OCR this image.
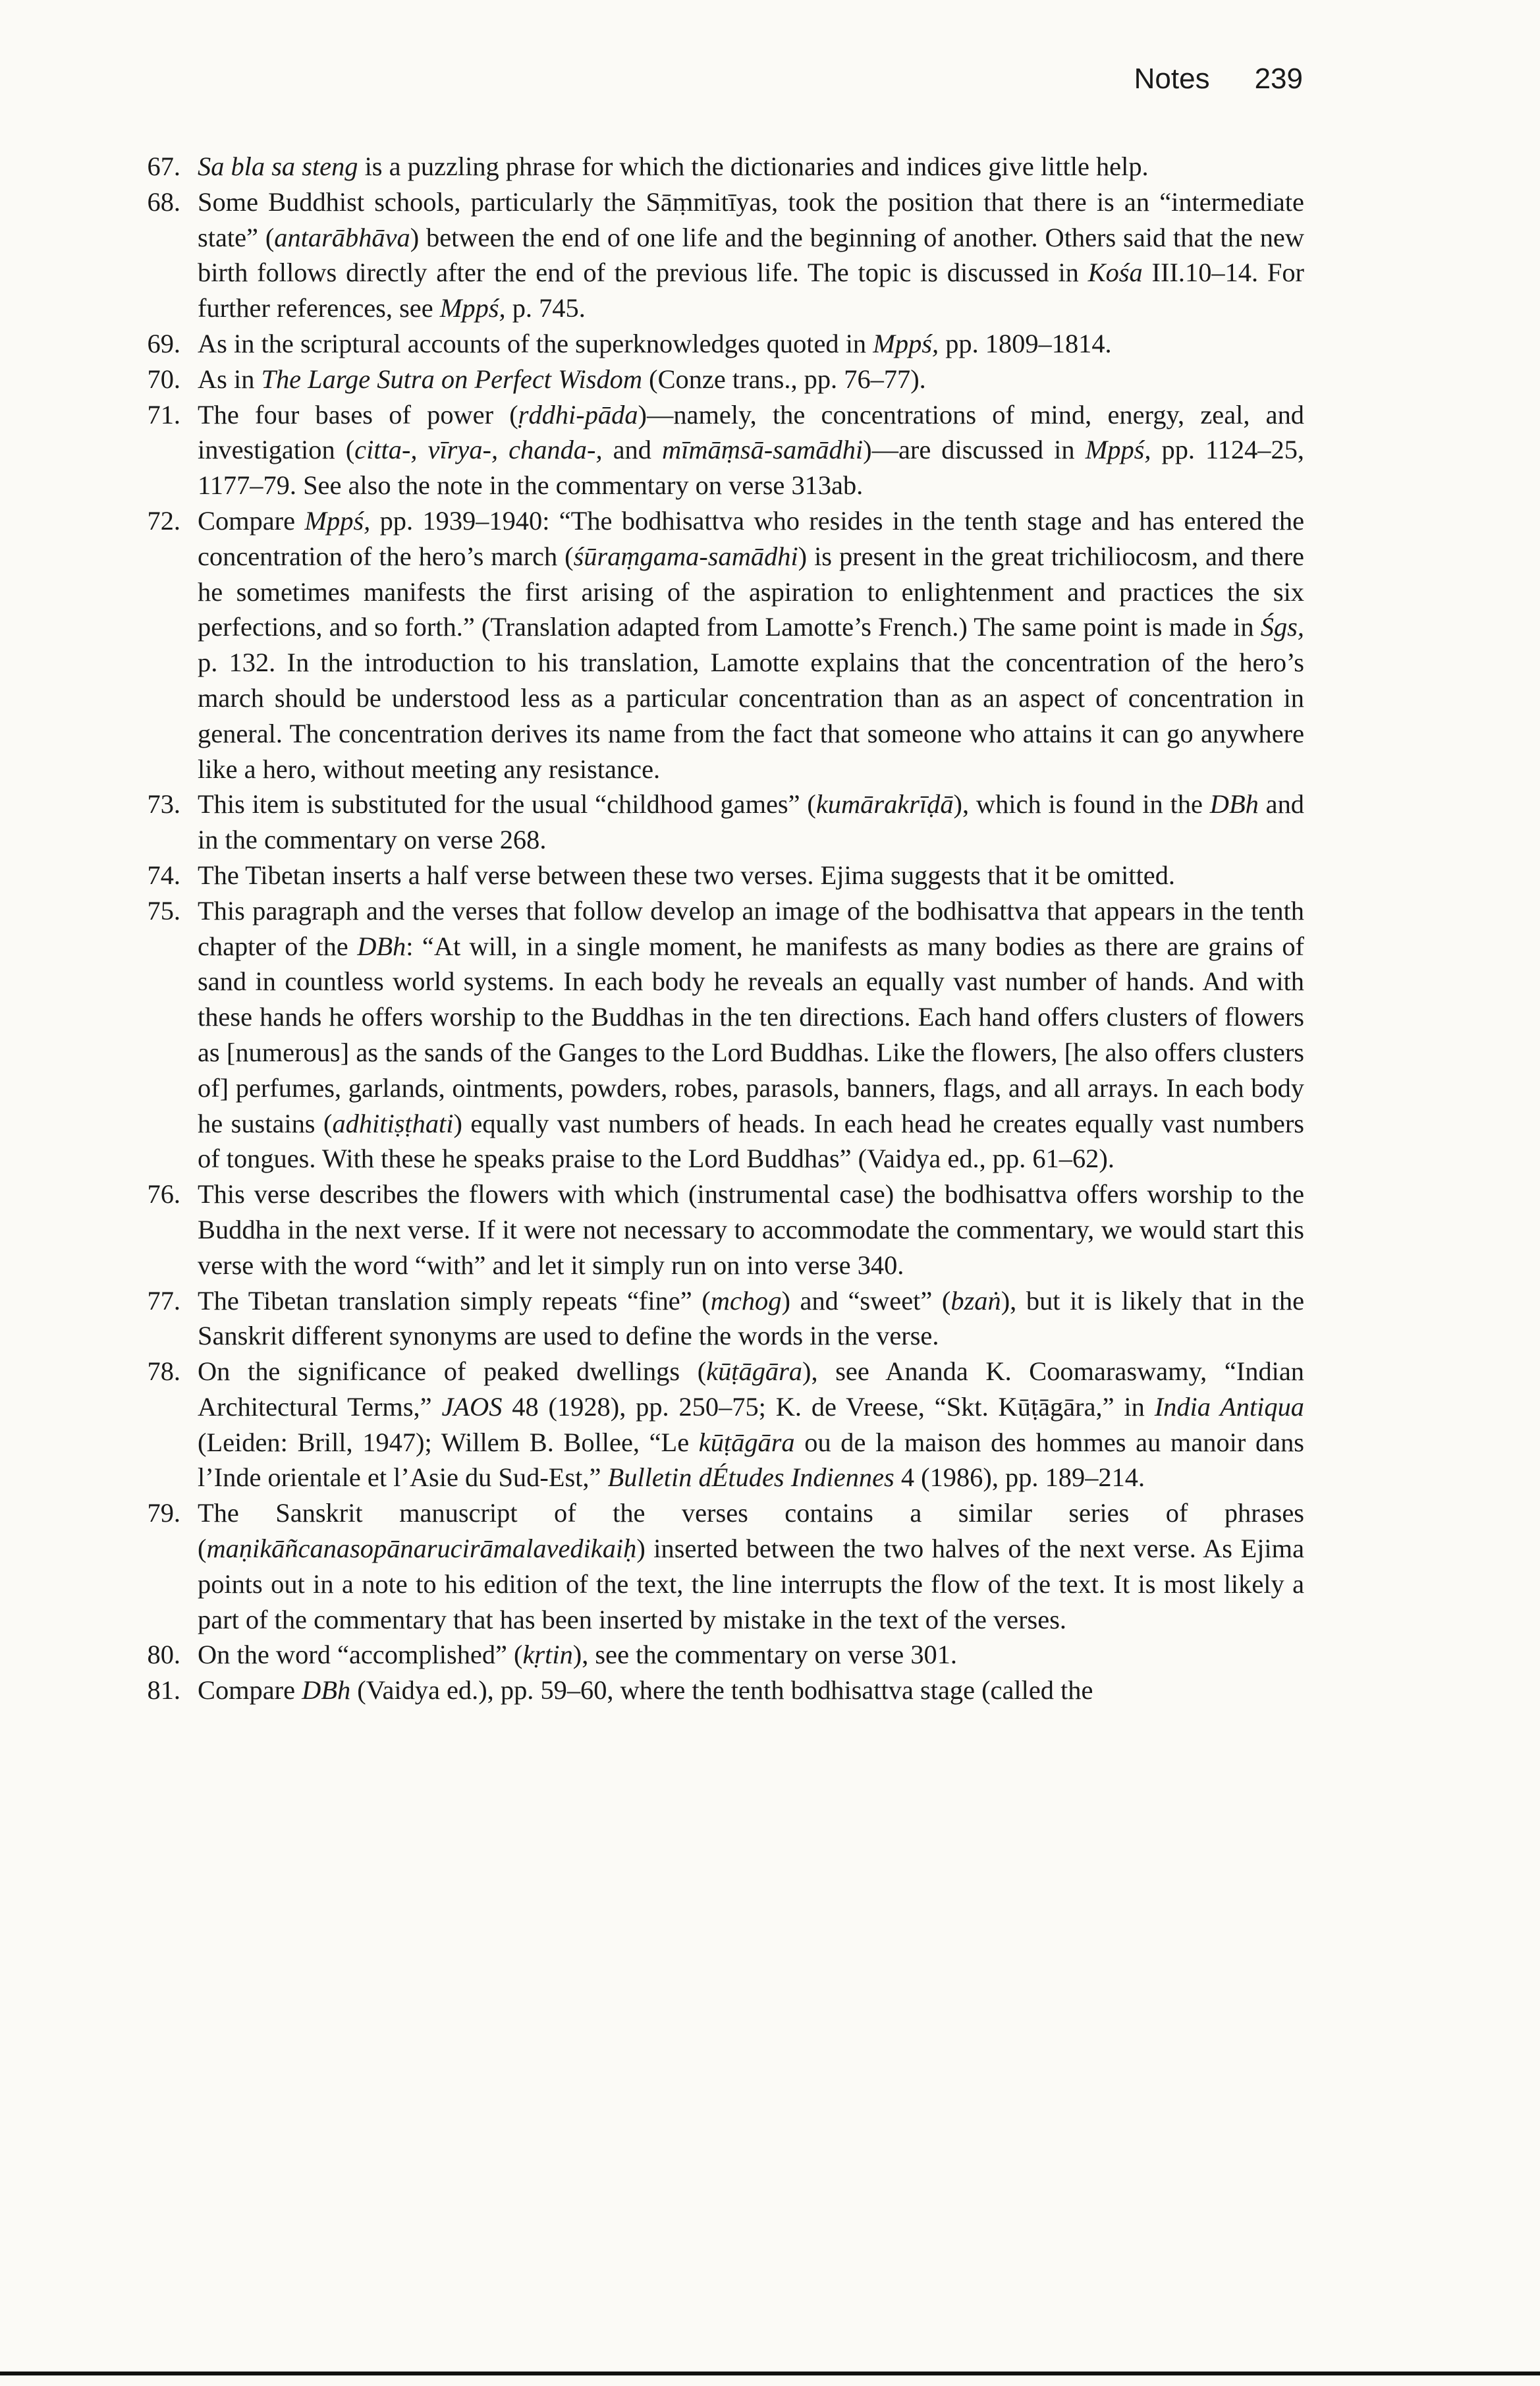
Notes 239
67. Sa bla sa steng is a puzzling phrase for which the dictionaries and indices give little help.
68. Some Buddhist schools, particularly the Sāṃmitīyas, took the position that there is an “intermediate state” (antarābhāva) between the end of one life and the beginning of another. Others said that the new birth follows directly after the end of the previous life. The topic is discussed in Kośa III.10–14. For further references, see Mppś, p. 745.
69. As in the scriptural accounts of the superknowledges quoted in Mppś, pp. 1809–1814.
70. As in The Large Sutra on Perfect Wisdom (Conze trans., pp. 76–77).
71. The four bases of power (ṛddhi-pāda)—namely, the concentrations of mind, energy, zeal, and investigation (citta-, vīrya-, chanda-, and mīmāṃsā-samādhi)—are discussed in Mppś, pp. 1124–25, 1177–79. See also the note in the commentary on verse 313ab.
72. Compare Mppś, pp. 1939–1940: “The bodhisattva who resides in the tenth stage and has entered the concentration of the hero’s march (śūraṃgama-samādhi) is present in the great trichiliocosm, and there he sometimes manifests the first arising of the aspiration to enlightenment and practices the six perfections, and so forth.” (Translation adapted from Lamotte’s French.) The same point is made in Śgs, p. 132. In the introduction to his translation, Lamotte explains that the concentration of the hero’s march should be understood less as a particular concentration than as an aspect of concentration in general. The concentration derives its name from the fact that someone who attains it can go anywhere like a hero, without meeting any resistance.
73. This item is substituted for the usual “childhood games” (kumārakrīḍā), which is found in the DBh and in the commentary on verse 268.
74. The Tibetan inserts a half verse between these two verses. Ejima suggests that it be omitted.
75. This paragraph and the verses that follow develop an image of the bodhisattva that appears in the tenth chapter of the DBh: “At will, in a single moment, he manifests as many bodies as there are grains of sand in countless world systems. In each body he reveals an equally vast number of hands. And with these hands he offers worship to the Buddhas in the ten directions. Each hand offers clusters of flowers as [numerous] as the sands of the Ganges to the Lord Buddhas. Like the flowers, [he also offers clusters of] perfumes, garlands, ointments, powders, robes, parasols, banners, flags, and all arrays. In each body he sustains (adhitiṣṭhati) equally vast numbers of heads. In each head he creates equally vast numbers of tongues. With these he speaks praise to the Lord Buddhas” (Vaidya ed., pp. 61–62).
76. This verse describes the flowers with which (instrumental case) the bodhisattva offers worship to the Buddha in the next verse. If it were not necessary to accommodate the commentary, we would start this verse with the word “with” and let it simply run on into verse 340.
77. The Tibetan translation simply repeats “fine” (mchog) and “sweet” (bzaṅ), but it is likely that in the Sanskrit different synonyms are used to define the words in the verse.
78. On the significance of peaked dwellings (kūṭāgāra), see Ananda K. Coomaraswamy, “Indian Architectural Terms,” JAOS 48 (1928), pp. 250–75; K. de Vreese, “Skt. Kūṭāgāra,” in India Antiqua (Leiden: Brill, 1947); Willem B. Bollee, “Le kūṭāgāra ou de la maison des hommes au manoir dans l’Inde orientale et l’Asie du Sud-Est,” Bulletin dÉtudes Indiennes 4 (1986), pp. 189–214.
79. The Sanskrit manuscript of the verses contains a similar series of phrases (maṇikāñcanasopānarucirāmalavedikaiḥ) inserted between the two halves of the next verse. As Ejima points out in a note to his edition of the text, the line interrupts the flow of the text. It is most likely a part of the commentary that has been inserted by mistake in the text of the verses.
80. On the word “accomplished” (kṛtin), see the commentary on verse 301.
81. Compare DBh (Vaidya ed.), pp. 59–60, where the tenth bodhisattva stage (called the
